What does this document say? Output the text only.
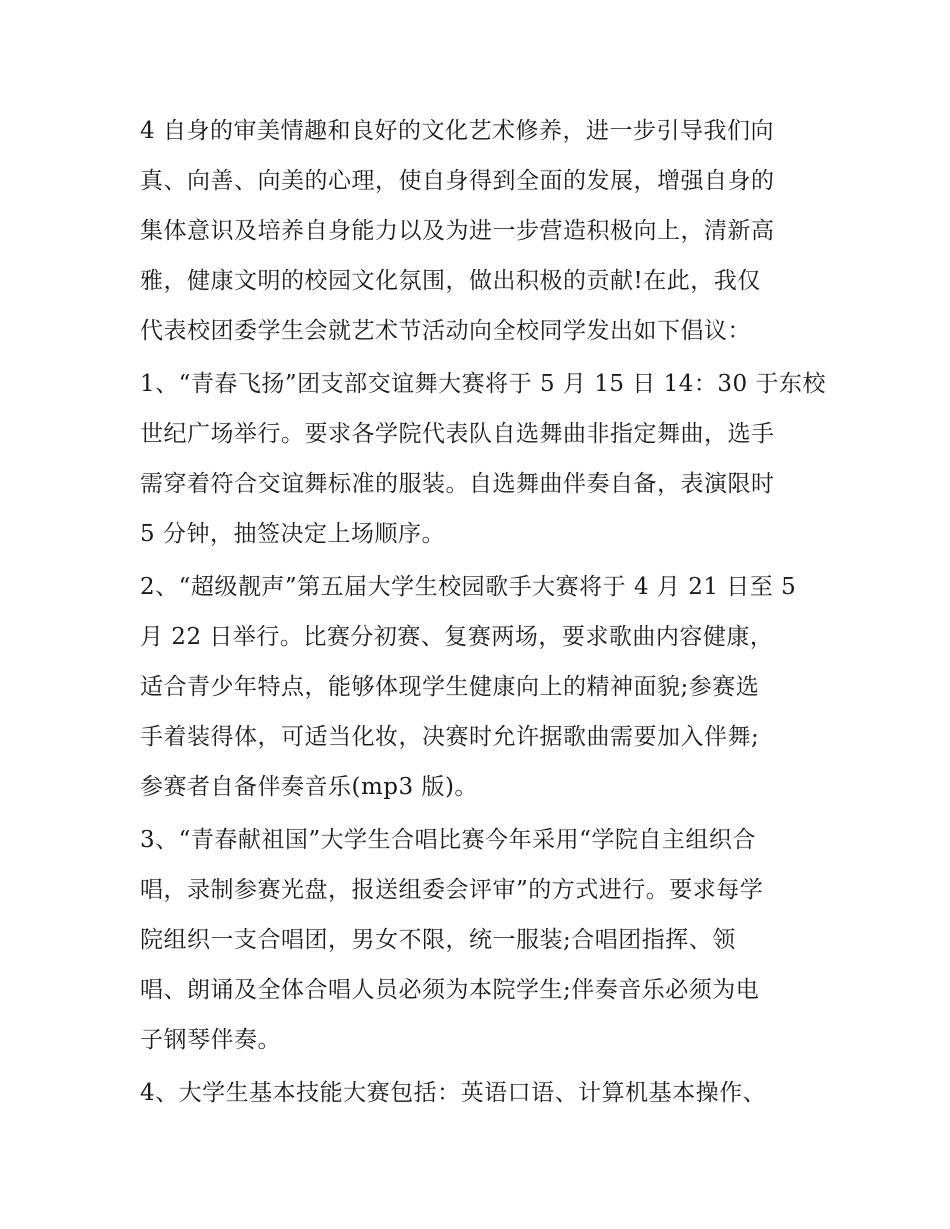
4 自身的审美情趣和良好的文化艺术修养，进一步引导我们向
真、向善、向美的心理，使自身得到全面的发展，增强自身的
集体意识及培养自身能力以及为进一步营造积极向上，清新高
雅，健康文明的校园文化氛围，做出积极的贡献!在此，我仅
代表校团委学生会就艺术节活动向全校同学发出如下倡议：
1、“青春飞扬”团支部交谊舞大赛将于 5 月 15 日 14：30 于东校
世纪广场举行。要求各学院代表队自选舞曲非指定舞曲，选手
需穿着符合交谊舞标准的服装。自选舞曲伴奏自备，表演限时
5 分钟，抽签决定上场顺序。
2、“超级靓声”第五届大学生校园歌手大赛将于 4 月 21 日至 5
月 22 日举行。比赛分初赛、复赛两场，要求歌曲内容健康，
适合青少年特点，能够体现学生健康向上的精神面貌;参赛选
手着装得体，可适当化妆，决赛时允许据歌曲需要加入伴舞;
参赛者自备伴奏音乐(mp3 版)。
3、“青春献祖国”大学生合唱比赛今年采用“学院自主组织合
唱，录制参赛光盘，报送组委会评审”的方式进行。要求每学
院组织一支合唱团，男女不限，统一服装;合唱团指挥、领
唱、朗诵及全体合唱人员必须为本院学生;伴奏音乐必须为电
子钢琴伴奏。
4、大学生基本技能大赛包括：英语口语、计算机基本操作、
